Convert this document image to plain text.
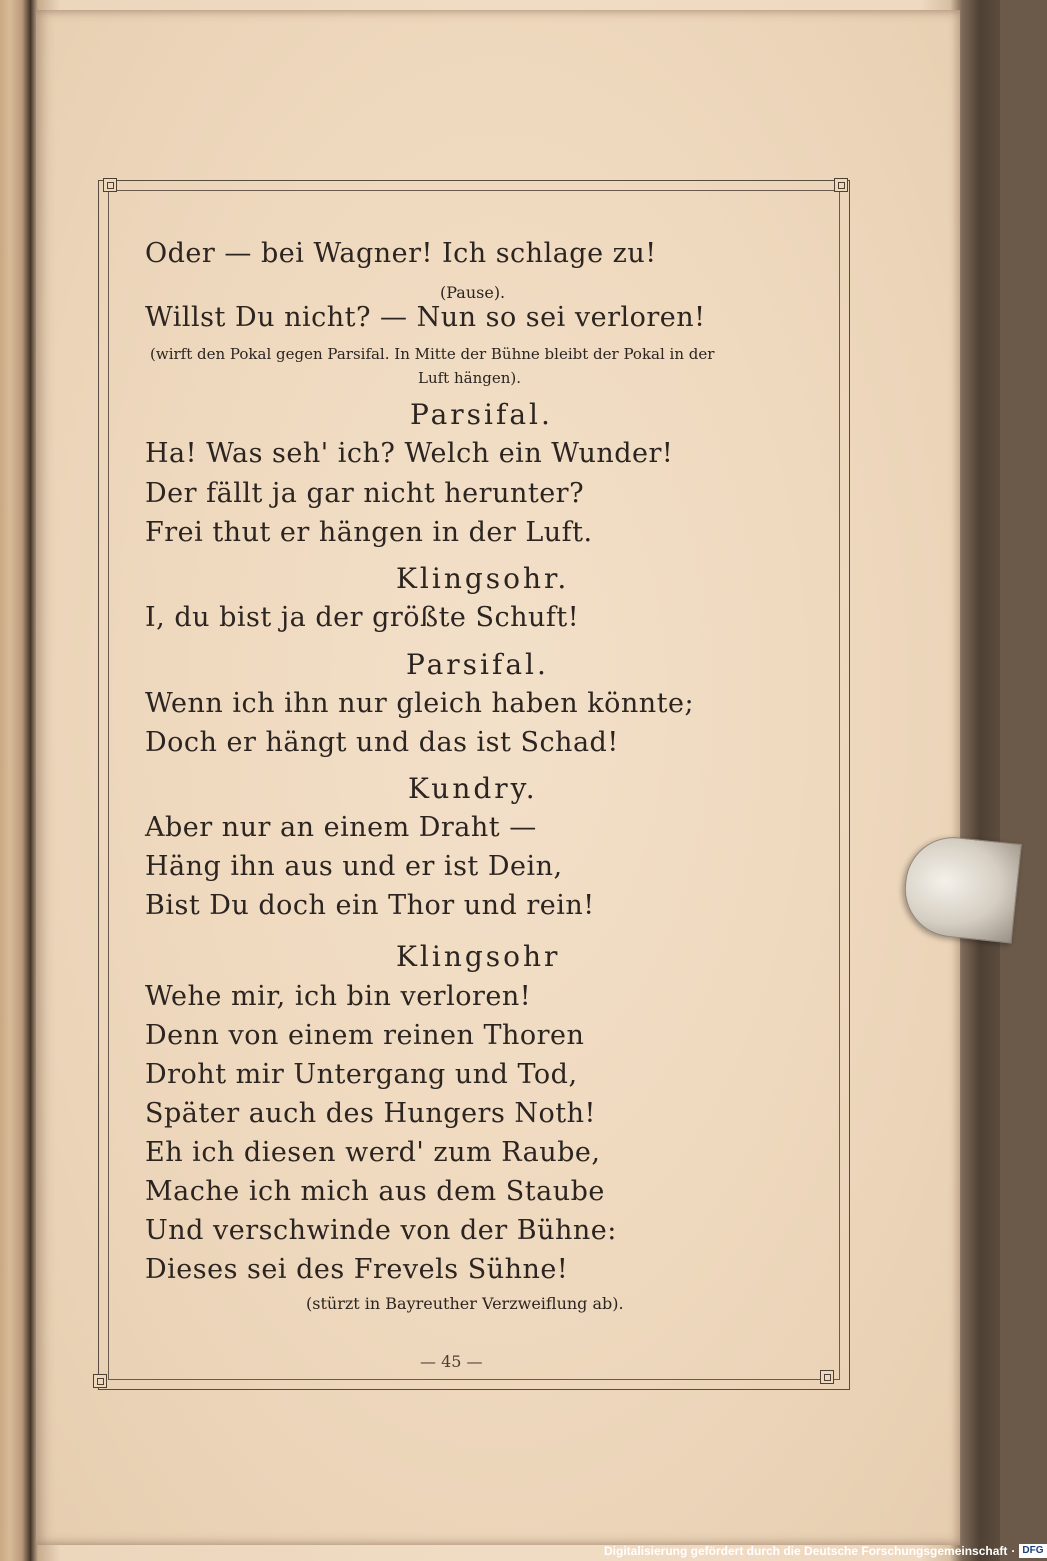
Oder — bei Wagner! Ich schlage zu!
(Pause).
Willst Du nicht? — Nun so sei verloren!
(wirft den Pokal gegen Parsifal. In Mitte der Bühne bleibt der Pokal in der
Luft hängen).
Parsifal.
Ha! Was seh' ich? Welch ein Wunder!
Der fällt ja gar nicht herunter?
Frei thut er hängen in der Luft.
Klingsohr.
I, du bist ja der größte Schuft!
Parsifal.
Wenn ich ihn nur gleich haben könnte;
Doch er hängt und das ist Schad!
Kundry.
Aber nur an einem Draht —
Häng ihn aus und er ist Dein,
Bist Du doch ein Thor und rein!
Klingsohr
Wehe mir, ich bin verloren!
Denn von einem reinen Thoren
Droht mir Untergang und Tod,
Später auch des Hungers Noth!
Eh ich diesen werd' zum Raube,
Mache ich mich aus dem Staube
Und verschwinde von der Bühne:
Dieses sei des Frevels Sühne!
(stürzt in Bayreuther Verzweiflung ab).
— 45 —
Digitalisierung gefördert durch die Deutsche Forschungsgemeinschaft · DFG
